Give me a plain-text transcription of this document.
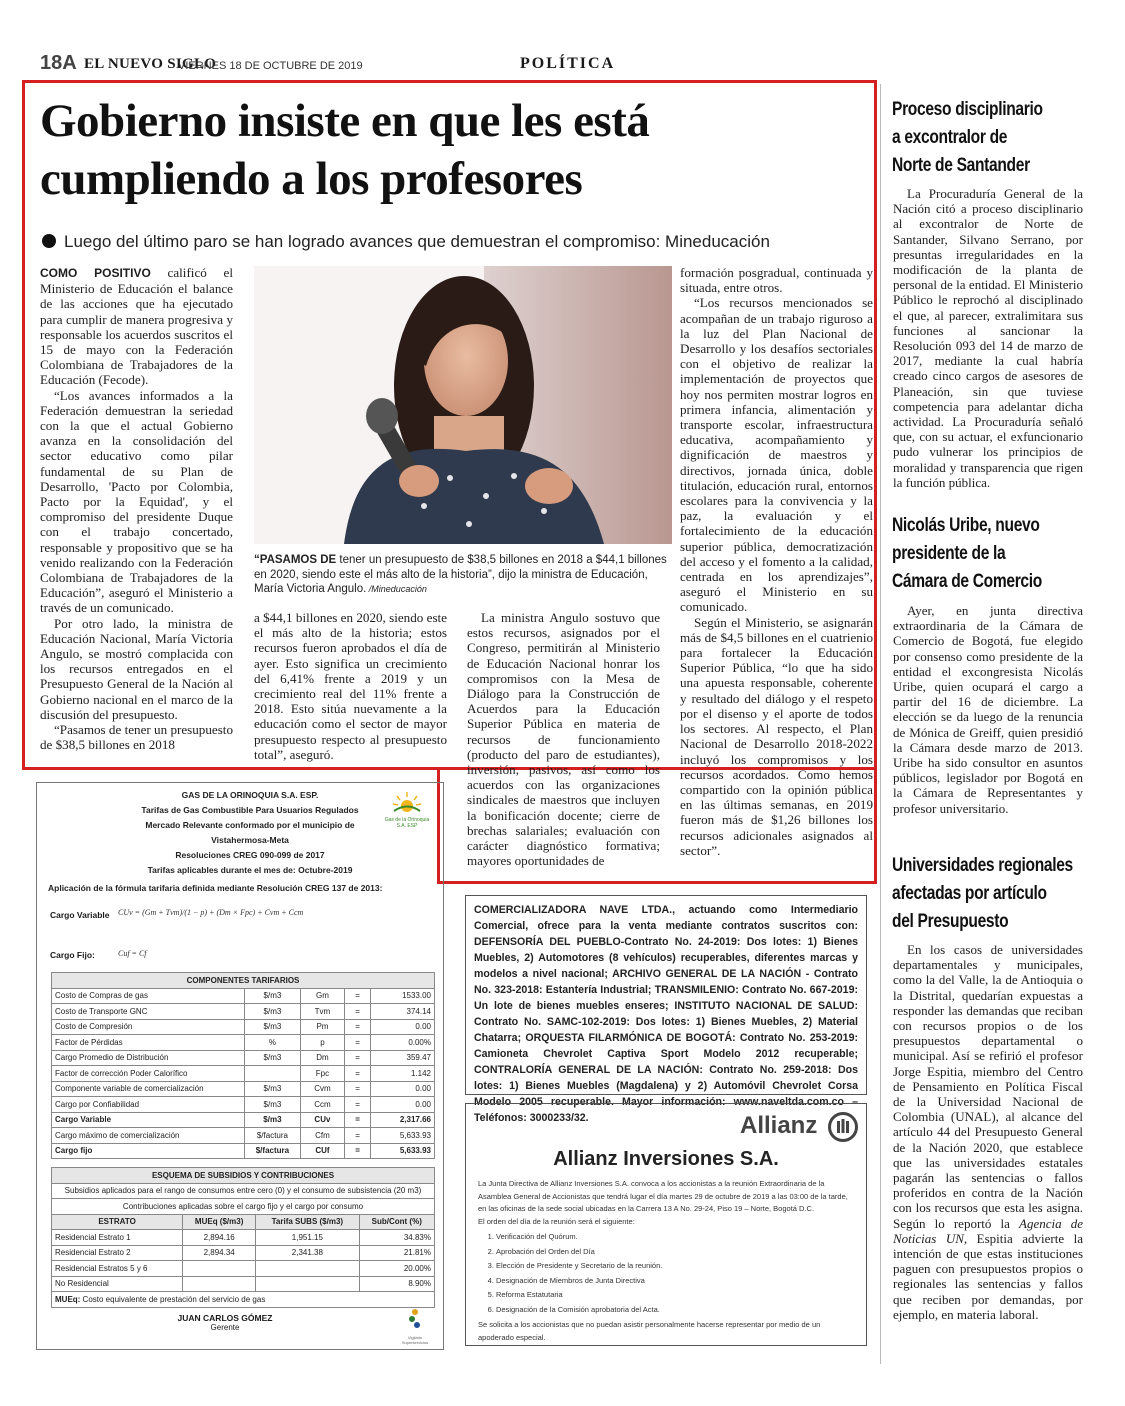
18A EL NUEVO SIGLO
VIERNES 18 DE OCTUBRE DE 2019	POLÍTICA
Gobierno insiste en que les está
cumpliendo a los profesores
Luego del último paro se han logrado avances que demuestran el compromiso: Mineducación

COMO POSITIVO calificó el Ministerio de Educación el balance de las acciones que ha ejecutado para cumplir de manera progresiva y responsable los acuerdos suscritos el 15 de mayo con la Federación Colombiana de Trabajadores de la Educación (Fecode).

“Los avances informados a la Federación demuestran la seriedad con la que el actual Gobierno avanza en la consolidación del sector educativo como pilar fundamental de su Plan de Desarrollo, 'Pacto por Colombia, Pacto por la Equidad', y el compromiso del presidente Duque con el trabajo concertado, responsable y propositivo que se ha venido realizando con la Federación Colombiana de Trabajadores de la Educación”, aseguró el Ministerio a través de un comunicado.

Por otro lado, la ministra de Educación Nacional, María Victoria Angulo, se mostró complacida con los recursos entregados en el Presupuesto General de la Nación al Gobierno nacional en el marco de la discusión del presupuesto.

“Pasamos de tener un presupuesto de $38,5 billones en 2018

“PASAMOS DE tener un presupuesto de $38,5 billones en 2018 a $44,1 billones en 2020, siendo este el más alto de la historia”, dijo la ministra de Educación, María Victoria Angulo. /Mineducación

a $44,1 billones en 2020, siendo este el más alto de la historia; estos recursos fueron aprobados el día de ayer. Esto significa un crecimiento del 6,41% frente a 2019 y un crecimiento real del 11% frente a 2018. Esto sitúa nuevamente a la educación como el sector de mayor presupuesto respecto al presupuesto total”, aseguró.

La ministra Angulo sostuvo que estos recursos, asignados por el Congreso, permitirán al Ministerio de Educación Nacional honrar los compromisos con la Mesa de Diálogo para la Construcción de Acuerdos para la Educación Superior Pública en materia de recursos de funcionamiento (producto del paro de estudiantes), inversión, pasivos, así como los acuerdos con las organizaciones sindicales de maestros que incluyen la bonificación docente; cierre de brechas salariales; evaluación con carácter diagnóstico formativa; mayores oportunidades de

formación posgradual, continuada y situada, entre otros.

“Los recursos mencionados se acompañan de un trabajo riguroso a la luz del Plan Nacional de Desarrollo y los desafíos sectoriales con el objetivo de realizar la implementación de proyectos que hoy nos permiten mostrar logros en primera infancia, alimentación y transporte escolar, infraestructura educativa, acompañamiento y dignificación de maestros y directivos, jornada única, doble titulación, educación rural, entornos escolares para la convivencia y la paz, la evaluación y el fortalecimiento de la educación superior pública, democratización del acceso y el fomento a la calidad, centrada en los aprendizajes”, aseguró el Ministerio en su comunicado.

Según el Ministerio, se asignarán más de $4,5 billones en el cuatrienio para fortalecer la Educación Superior Pública, “lo que ha sido una apuesta responsable, coherente y resultado del diálogo y el respeto por el disenso y el aporte de todos los sectores. Al respecto, el Plan Nacional de Desarrollo 2018-2022 incluyó los compromisos y los recursos acordados. Como hemos compartido con la opinión pública en las últimas semanas, en 2019 fueron más de $1,26 billones los recursos adicionales asignados al sector”.

Proceso disciplinario
a excontralor de
Norte de Santander

La Procuraduría General de la Nación citó a proceso disciplinario al excontralor de Norte de Santander, Silvano Serrano, por presuntas irregularidades en la modificación de la planta de personal de la entidad. El Ministerio Público le reprochó al disciplinado el que, al parecer, extralimitara sus funciones al sancionar la Resolución 093 del 14 de marzo de 2017, mediante la cual habría creado cinco cargos de asesores de Planeación, sin que tuviese competencia para adelantar dicha actividad. La Procuraduría señaló que, con su actuar, el exfuncionario pudo vulnerar los principios de moralidad y transparencia que rigen la función pública.

Nicolás Uribe, nuevo
presidente de la
Cámara de Comercio

Ayer, en junta directiva extraordinaria de la Cámara de Comercio de Bogotá, fue elegido por consenso como presidente de la entidad el excongresista Nicolás Uribe, quien ocupará el cargo a partir del 16 de diciembre. La elección se da luego de la renuncia de Mónica de Greiff, quien presidió la Cámara desde marzo de 2013. Uribe ha sido consultor en asuntos públicos, legislador por Bogotá en la Cámara de Representantes y profesor universitario.

Universidades regionales
afectadas por artículo
del Presupuesto

En los casos de universidades departamentales y municipales, como la del Valle, la de Antioquia o la Distrital, quedarían expuestas a responder las demandas que reciban con recursos propios o de los presupuestos departamental o municipal. Así se refirió el profesor Jorge Espitia, miembro del Centro de Pensamiento en Política Fiscal de la Universidad Nacional de Colombia (UNAL), al alcance del artículo 44 del Presupuesto General de la Nación 2020, que establece que las universidades estatales pagarán las sentencias o fallos proferidos en contra de la Nación con los recursos que esta les asigna. Según lo reportó la Agencia de Noticias UN, Espitia advierte la intención de que estas instituciones paguen con presupuestos propios o regionales las sentencias y fallos que reciben por demandas, por ejemplo, en materia laboral.

GAS DE LA ORINOQUIA S.A. ESP.
Tarifas de Gas Combustible Para Usuarios Regulados
Mercado Relevante conformado por el municipio de
Vistahermosa-Meta
Resoluciones CREG 090-099 de 2017
Tarifas aplicables durante el mes de: Octubre-2019
Gas de la Orinoquia S.A. ESP
Aplicación de la fórmula tarifaria definida mediante Resolución CREG 137 de 2013:
Cargo Variable CUv = (Gm + Tvm)/(1 − p) + (Dm × Fpc) + Cvm + Ccm
Cargo Fijo:	Cuf = Cf
COMPONENTES TARIFARIOS				
Costo de Compras de gas	$/m3	Gm	=	1533.00
Costo de Transporte GNC	$/m3	Tvm	=	374.14
Costo de Compresión	$/m3	Pm	=	0.00
Factor de Pérdidas	%	p	=	0.00%
Cargo Promedio de Distribución	$/m3	Dm	=	359.47
Factor de corrección Poder Calorífico		Fpc	=	1.142
Componente variable de comercialización	$/m3	Cvm	=	0.00
Cargo por Confiabilidad	$/m3	Ccm	=	0.00
Cargo Variable	$/m3	CUv	=	2,317.66
Cargo máximo de comercialización	$/factura	Cfm	=	5,633.93
Cargo fijo	$/factura	CUf	=	5,633.93
ESQUEMA DE SUBSIDIOS Y CONTRIBUCIONES			
Subsidios aplicados para el rango de consumos entre cero (0) y el consumo de subsistencia (20 m3)			
Contribuciones aplicadas sobre el cargo fijo y el cargo por consumo			
ESTRATO	MUEq ($/m3)	Tarifa SUBS ($/m3)	Sub/Cont (%)
Residencial Estrato 1	2,894.16	1,951.15	34.83%
Residencial Estrato 2	2,894.34	2,341.38	21.81%
Residencial Estratos 5 y 6			20.00%
No Residencial			8.90%
MUEq: Costo equivalente de prestación del servicio de gas			
JUAN CARLOS GÓMEZ
Gerente
Vigilado Superservicios
COMERCIALIZADORA NAVE LTDA., actuando como Intermediario Comercial, ofrece para la venta mediante contratos suscritos con: DEFENSORÍA DEL PUEBLO-Contrato No. 24-2019: Dos lotes: 1) Bienes Muebles, 2) Automotores (8 vehículos) recuperables, diferentes marcas y modelos a nivel nacional; ARCHIVO GENERAL DE LA NACIÓN - Contrato No. 323-2018: Estantería Industrial; TRANSMILENIO: Contrato No. 667-2019: Un lote de bienes muebles enseres; INSTITUTO NACIONAL DE SALUD: Contrato No. SAMC-102-2019: Dos lotes: 1) Bienes Muebles, 2) Material Chatarra; ORQUESTA FILARMÓNICA DE BOGOTÁ: Contrato No. 253-2019: Camioneta Chevrolet Captiva Sport Modelo 2012 recuperable; CONTRALORÍA GENERAL DE LA NACIÓN: Contrato No. 259-2018: Dos lotes: 1) Bienes Muebles (Magdalena) y 2) Automóvil Chevrolet Corsa Modelo 2005 recuperable. Mayor información: www.naveltda.com.co – Teléfonos: 3000233/32.	Allianz
Allianz Inversiones S.A.
La Junta Directiva de Allianz Inversiones S.A. convoca a los accionistas a la reunión Extraordinaria de la Asamblea General de Accionistas que tendrá lugar el día martes 29 de octubre de 2019 a las 03:00 de la tarde, en las oficinas de la sede social ubicadas en la Carrera 13 A No. 29-24, Piso 19 – Norte, Bogotá D.C.
El orden del día de la reunión será el siguiente:
1. Verificación del Quórum.
2. Aprobación del Orden del Día
3. Elección de Presidente y Secretario de la reunión.
4. Designación de Miembros de Junta Directiva
5. Reforma Estatutaria
6. Designación de la Comisión aprobatoria del Acta.
Se solicita a los accionistas que no puedan asistir personalmente hacerse representar por medio de un apoderado especial.
